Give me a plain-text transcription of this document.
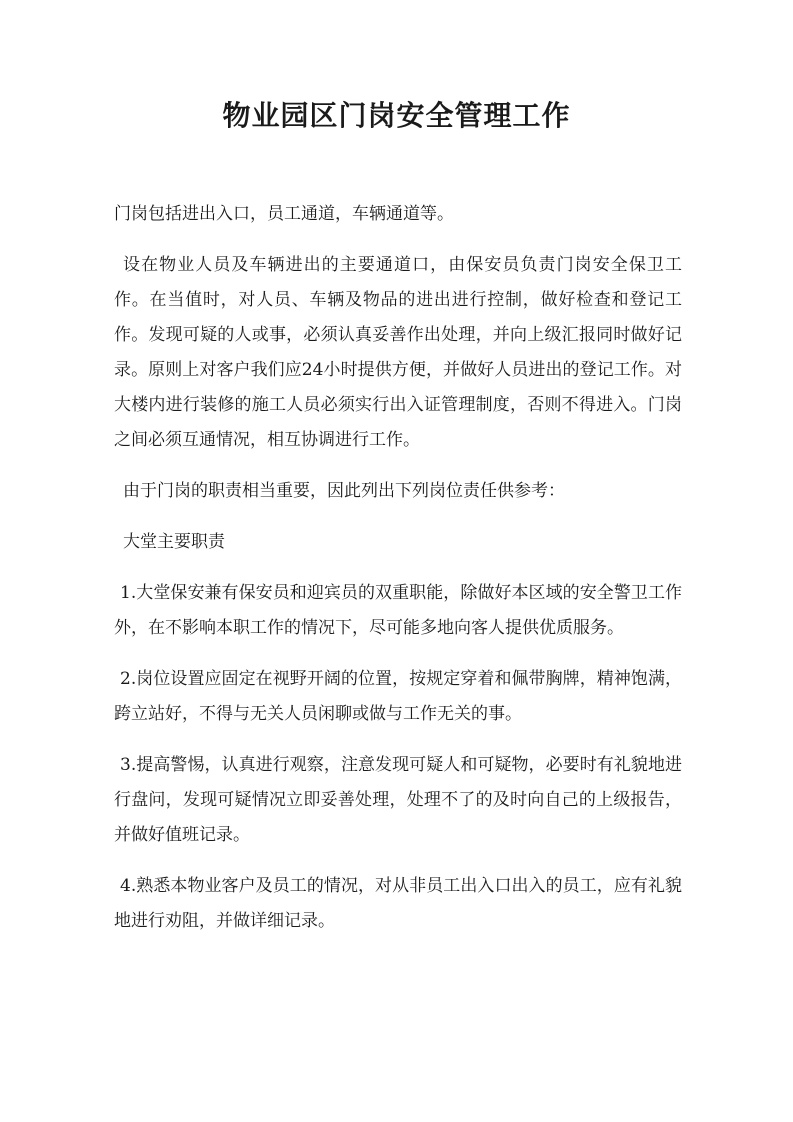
物业园区门岗安全管理工作

门岗包括进出入口，员工通道，车辆通道等。

设在物业人员及车辆进出的主要通道口，由保安员负责门岗安全保卫工作。在当值时，对人员、车辆及物品的进出进行控制，做好检查和登记工作。发现可疑的人或事，必须认真妥善作出处理，并向上级汇报同时做好记录。原则上对客户我们应24小时提供方便，并做好人员进出的登记工作。对大楼内进行装修的施工人员必须实行出入证管理制度，否则不得进入。门岗之间必须互通情况，相互协调进行工作。

由于门岗的职责相当重要，因此列出下列岗位责任供参考：

大堂主要职责

1.大堂保安兼有保安员和迎宾员的双重职能，除做好本区域的安全警卫工作外，在不影响本职工作的情况下，尽可能多地向客人提供优质服务。

2.岗位设置应固定在视野开阔的位置，按规定穿着和佩带胸牌，精神饱满，跨立站好，不得与无关人员闲聊或做与工作无关的事。

3.提高警惕，认真进行观察，注意发现可疑人和可疑物，必要时有礼貌地进行盘问，发现可疑情况立即妥善处理，处理不了的及时向自己的上级报告，并做好值班记录。

4.熟悉本物业客户及员工的情况，对从非员工出入口出入的员工，应有礼貌地进行劝阻，并做详细记录。
